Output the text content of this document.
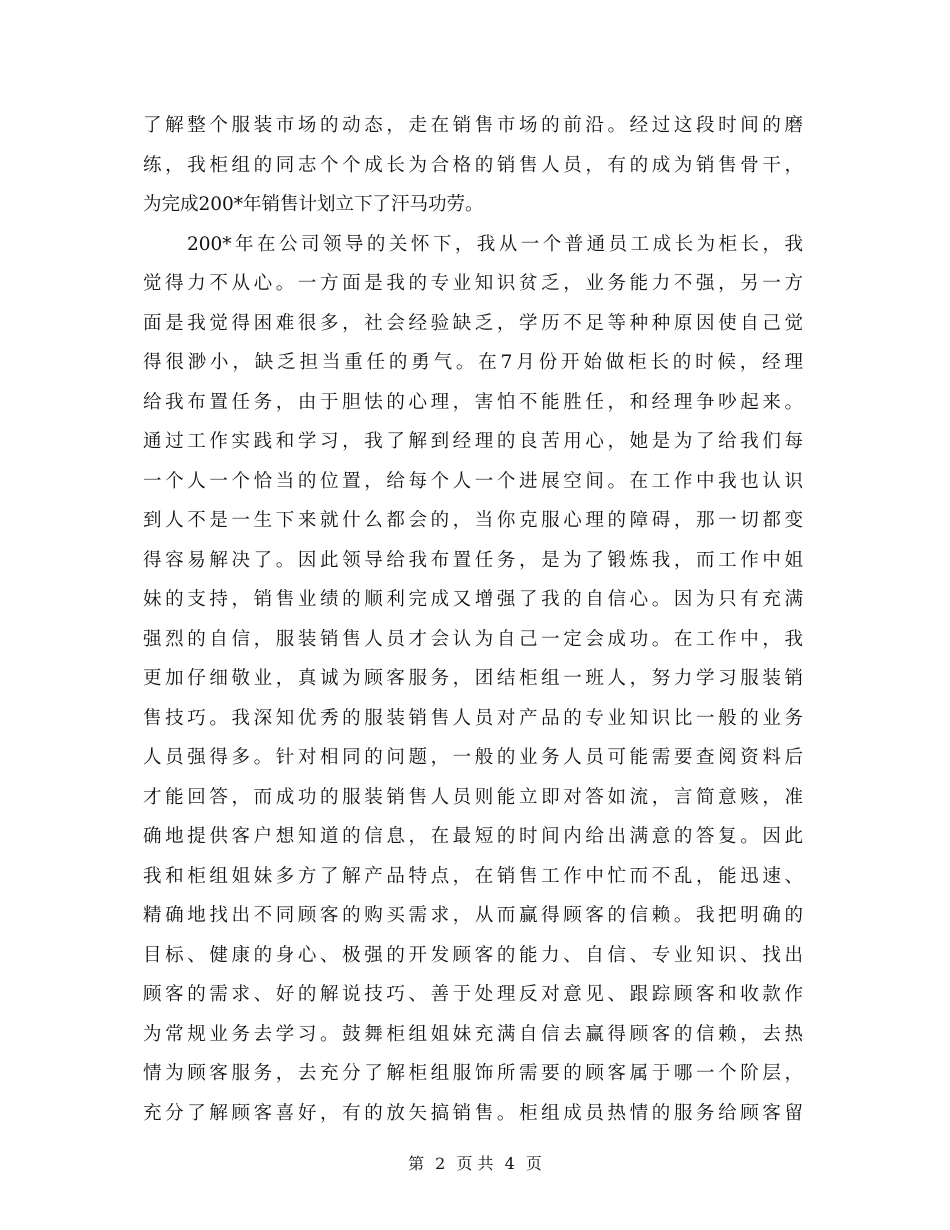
了解整个服装市场的动态，走在销售市场的前沿。经过这段时间的磨
练，我柜组的同志个个成长为合格的销售人员，有的成为销售骨干，
为完成200*年销售计划立下了汗马功劳。
200*年在公司领导的关怀下，我从一个普通员工成长为柜长，我
觉得力不从心。一方面是我的专业知识贫乏，业务能力不强，另一方
面是我觉得困难很多，社会经验缺乏，学历不足等种种原因使自己觉
得很渺小，缺乏担当重任的勇气。在7月份开始做柜长的时候，经理
给我布置任务，由于胆怯的心理，害怕不能胜任，和经理争吵起来。
通过工作实践和学习，我了解到经理的良苦用心，她是为了给我们每
一个人一个恰当的位置，给每个人一个进展空间。在工作中我也认识
到人不是一生下来就什么都会的，当你克服心理的障碍，那一切都变
得容易解决了。因此领导给我布置任务，是为了锻炼我，而工作中姐
妹的支持，销售业绩的顺利完成又增强了我的自信心。因为只有充满
强烈的自信，服装销售人员才会认为自己一定会成功。在工作中，我
更加仔细敬业，真诚为顾客服务，团结柜组一班人，努力学习服装销
售技巧。我深知优秀的服装销售人员对产品的专业知识比一般的业务
人员强得多。针对相同的问题，一般的业务人员可能需要查阅资料后
才能回答，而成功的服装销售人员则能立即对答如流，言简意赅，准
确地提供客户想知道的信息，在最短的时间内给出满意的答复。因此
我和柜组姐妹多方了解产品特点，在销售工作中忙而不乱，能迅速、
精确地找出不同顾客的购买需求，从而赢得顾客的信赖。我把明确的
目标、健康的身心、极强的开发顾客的能力、自信、专业知识、找出
顾客的需求、好的解说技巧、善于处理反对意见、跟踪顾客和收款作
为常规业务去学习。鼓舞柜组姐妹充满自信去赢得顾客的信赖，去热
情为顾客服务，去充分了解柜组服饰所需要的顾客属于哪一个阶层，
充分了解顾客喜好，有的放矢搞销售。柜组成员热情的服务给顾客留
第 2 页 共 4 页
